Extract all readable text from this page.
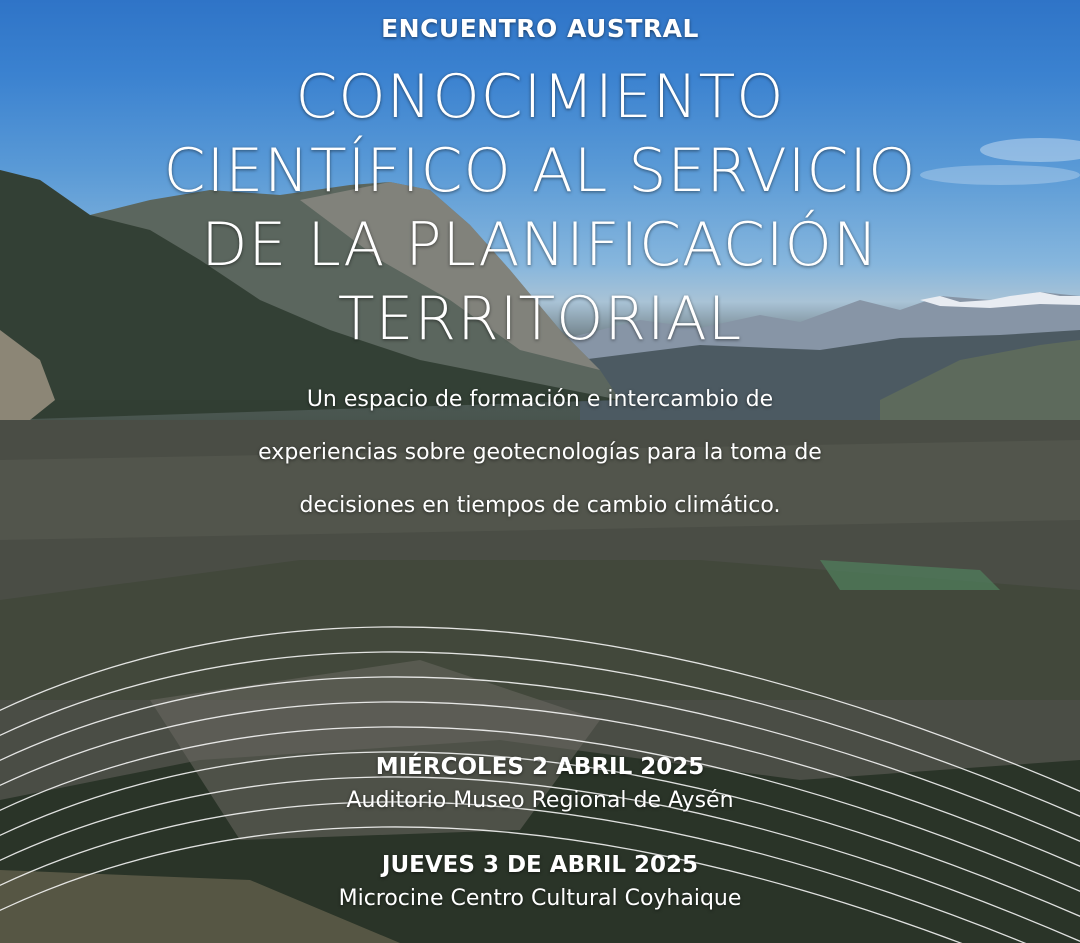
ENCUENTRO AUSTRAL
CONOCIMIENTO
CIENTÍFICO AL SERVICIO
DE LA PLANIFICACIÓN
TERRITORIAL
Un espacio de formación e intercambio de
experiencias sobre geotecnologías para la toma de
decisiones en tiempos de cambio climático.
MIÉRCOLES 2 ABRIL 2025
Auditorio Museo Regional de Aysén
JUEVES 3 DE ABRIL 2025
Microcine Centro Cultural Coyhaique
